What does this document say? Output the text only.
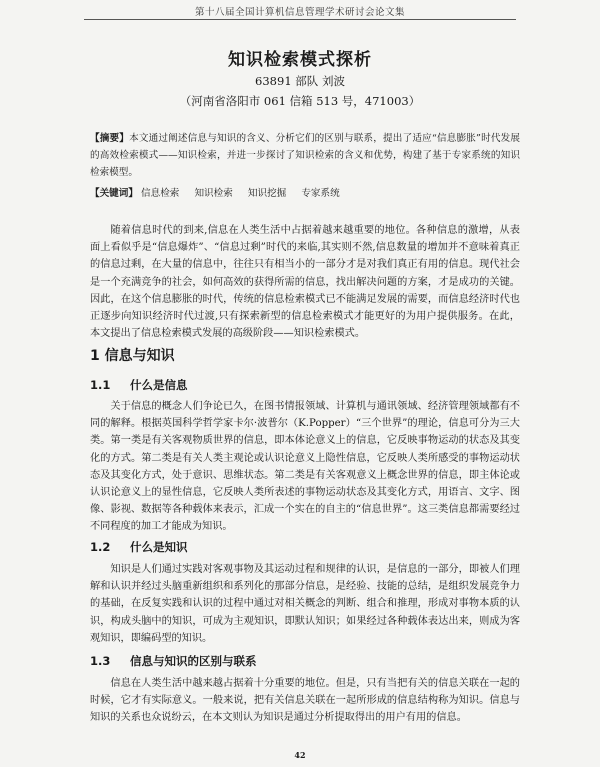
第十八届全国计算机信息管理学术研讨会论文集
知识检索模式探析
63891 部队 刘波
（河南省洛阳市 061 信箱 513 号，471003）
【摘要】本文通过阐述信息与知识的含义、分析它们的区别与联系，提出了适应“信息膨胀”时代发展的高效检索模式——知识检索，并进一步探讨了知识检索的含义和优势，构建了基于专家系统的知识检索模型。
【关键词】 信息检索 知识检索 知识挖掘 专家系统
随着信息时代的到来,信息在人类生活中占据着越来越重要的地位。各种信息的激增，从表面上看似乎是“信息爆炸”、“信息过剩”时代的来临,其实则不然,信息数量的增加并不意味着真正的信息过剩，在大量的信息中，往往只有相当小的一部分才是对我们真正有用的信息。现代社会是一个充满竞争的社会，如何高效的获得所需的信息，找出解决问题的方案，才是成功的关键。因此，在这个信息膨胀的时代，传统的信息检索模式已不能满足发展的需要，而信息经济时代也正逐步向知识经济时代过渡,只有探索新型的信息检索模式才能更好的为用户提供服务。在此，本文提出了信息检索模式发展的高级阶段——知识检索模式。
1 信息与知识
1.1 什么是信息
关于信息的概念人们争论已久，在图书情报领域、计算机与通讯领域、经济管理领域都有不同的解释。根据英国科学哲学家卡尔·波普尔（K.Popper）“三个世界”的理论，信息可分为三大类。第一类是有关客观物质世界的信息，即本体论意义上的信息，它反映事物运动的状态及其变化的方式。第二类是有关人类主观论或认识论意义上隐性信息，它反映人类所感受的事物运动状态及其变化方式，处于意识、思维状态。第二类是有关客观意义上概念世界的信息，即主体论或认识论意义上的显性信息，它反映人类所表述的事物运动状态及其变化方式，用语言、文字、图像、影视、数据等各种载体来表示，汇成一个实在的自主的“信息世界”。这三类信息都需要经过不同程度的加工才能成为知识。
1.2 什么是知识
知识是人们通过实践对客观事物及其运动过程和规律的认识，是信息的一部分，即被人们理解和认识并经过头脑重新组织和系列化的那部分信息，是经验、技能的总结，是组织发展竞争力的基础，在反复实践和认识的过程中通过对相关概念的判断、组合和推理，形成对事物本质的认识，构成头脑中的知识，可成为主观知识，即默认知识；如果经过各种载体表达出来，则成为客观知识，即编码型的知识。
1.3 信息与知识的区别与联系
信息在人类生活中越来越占据着十分重要的地位。但是，只有当把有关的信息关联在一起的时候，它才有实际意义。一般来说，把有关信息关联在一起所形成的信息结构称为知识。信息与知识的关系也众说纷云，在本文则认为知识是通过分析提取得出的用户有用的信息。
42
